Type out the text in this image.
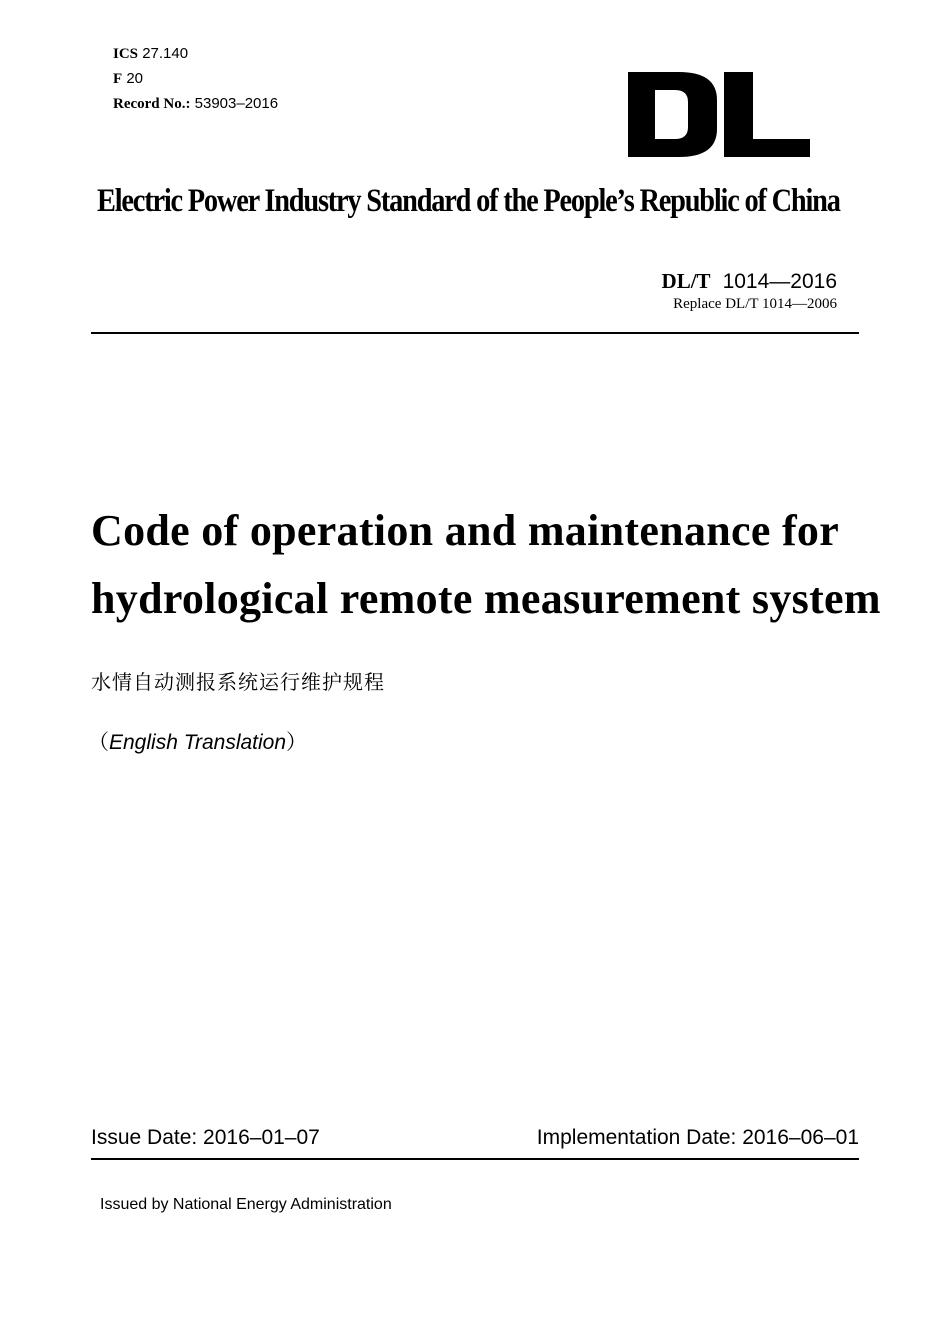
ICS 27.140
F 20
Record No.: 53903–2016
Electric Power Industry Standard of the People’s Republic of China
DL/T 1014—2016
Replace DL/T 1014—2006
Code of operation and maintenance for
hydrological remote measurement system
水情自动测报系统运行维护规程
（English Translation）
Issue Date: 2016–01–07	Implementation Date: 2016–06–01
Issued by National Energy Administration
